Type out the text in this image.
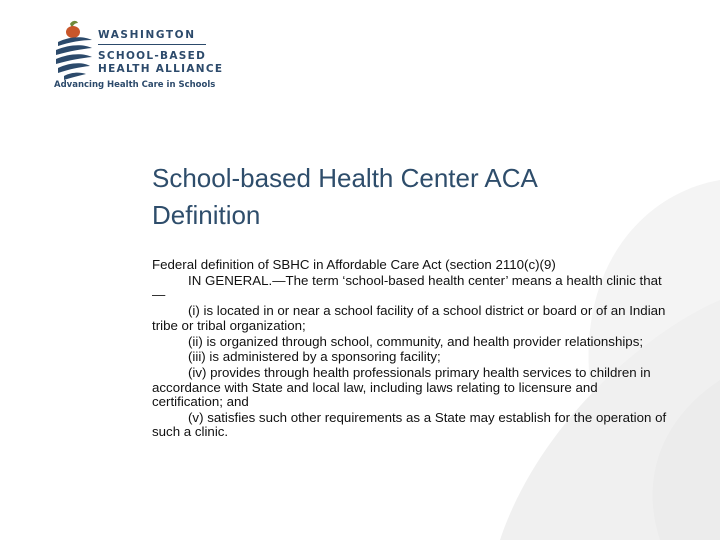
WASHINGTON
SCHOOL-BASED
HEALTH ALLIANCE
Advancing Health Care in Schools
School-based Health Center ACA
Definition

Federal definition of SBHC in Affordable Care Act (section 2110(c)(9)

IN GENERAL.—The term ‘school-based health center’ means a health clinic that—

(i) is located in or near a school facility of a school district or board or of an Indian tribe or tribal organization;

(ii) is organized through school, community, and health provider relationships;

(iii) is administered by a sponsoring facility;

(iv) provides through health professionals primary health services to children in accordance with State and local law, including laws relating to licensure and certification; and

(v) satisfies such other requirements as a State may establish for the operation of such a clinic.
